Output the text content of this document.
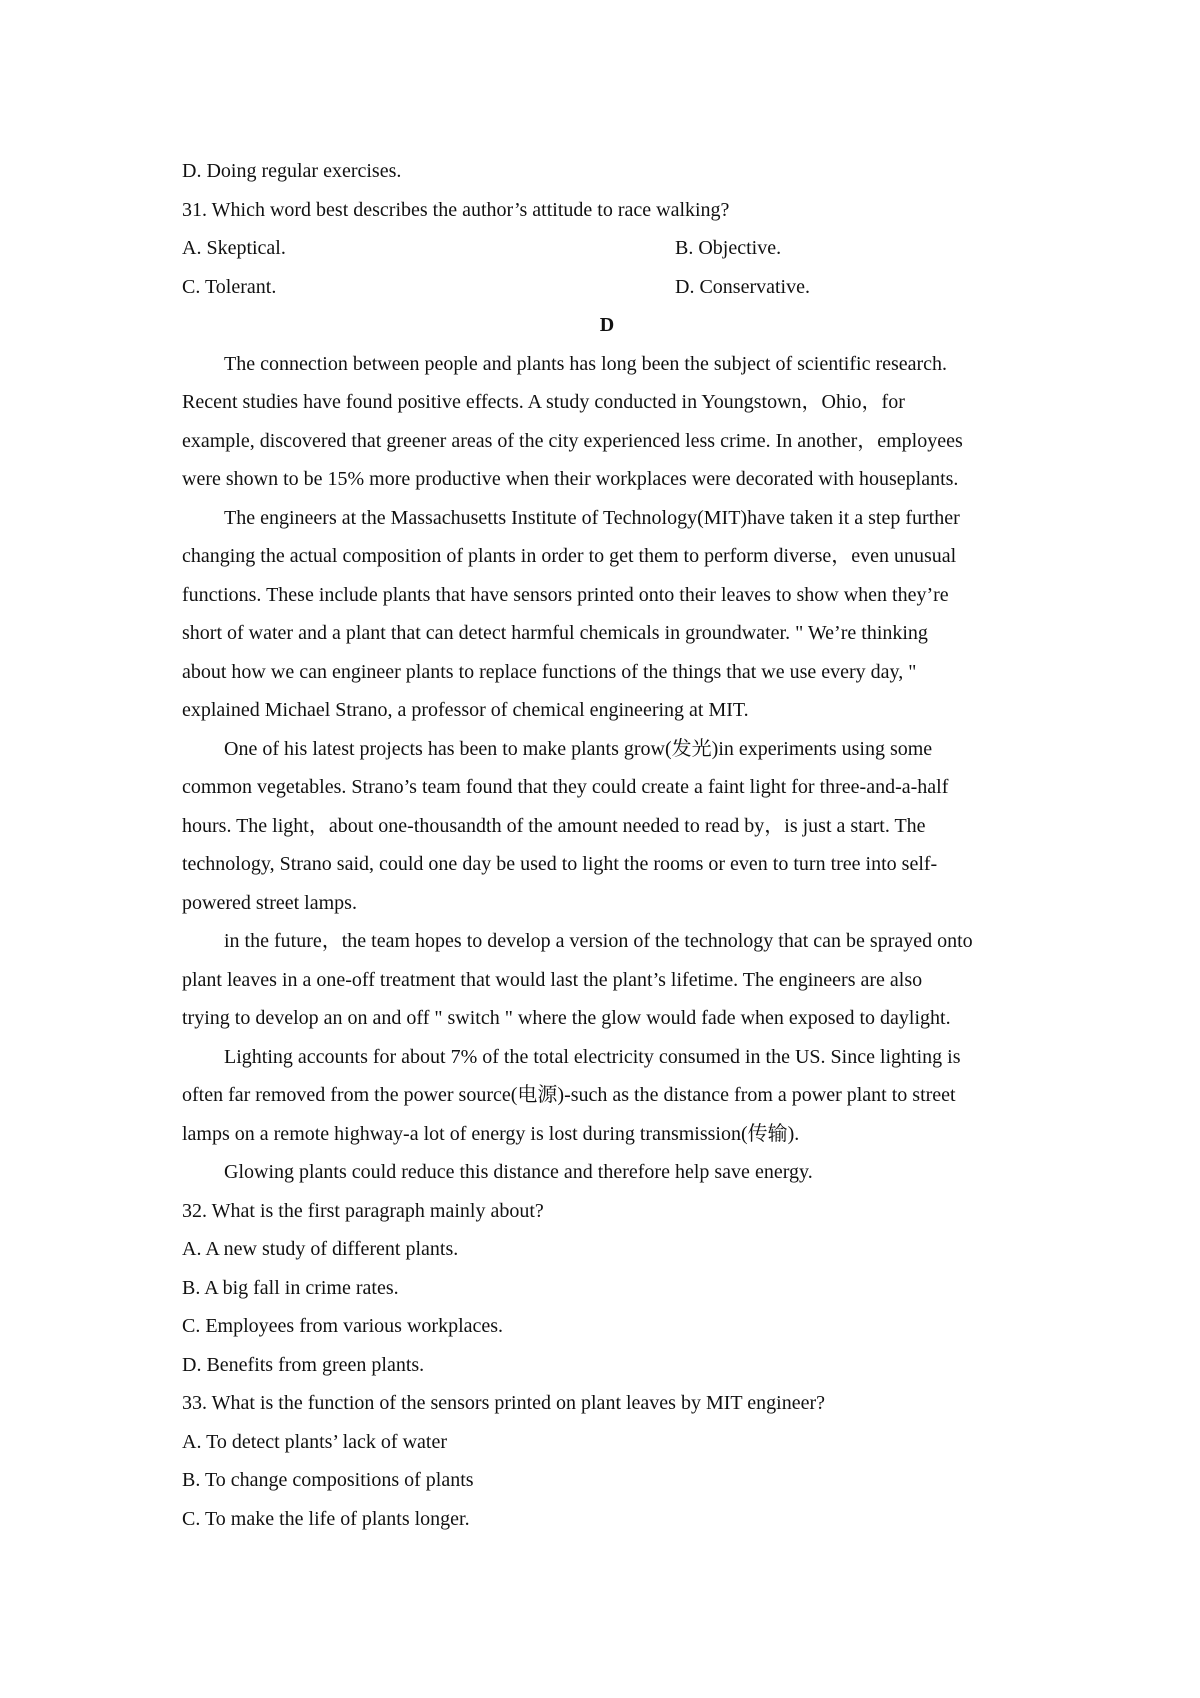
D. Doing regular exercises.
31. Which word best describes the author’s attitude to race walking?
A. Skeptical.	B. Objective.
C. Tolerant.	D. Conservative.
D
The connection between people and plants has long been the subject of scientific research.
Recent studies have found positive effects. A study conducted in Youngstown，Ohio，for
example, discovered that greener areas of the city experienced less crime. In another，employees
were shown to be 15% more productive when their workplaces were decorated with houseplants.
The engineers at the Massachusetts Institute of Technology(MIT)have taken it a step further
changing the actual composition of plants in order to get them to perform diverse，even unusual
functions. These include plants that have sensors printed onto their leaves to show when they’re
short of water and a plant that can detect harmful chemicals in groundwater. " We’re thinking
about how we can engineer plants to replace functions of the things that we use every day, "
explained Michael Strano, a professor of chemical engineering at MIT.
One of his latest projects has been to make plants grow(发光)in experiments using some
common vegetables. Strano’s team found that they could create a faint light for three-and-a-half
hours. The light，about one-thousandth of the amount needed to read by，is just a start. The
technology, Strano said, could one day be used to light the rooms or even to turn tree into self-
powered street lamps.
in the future，the team hopes to develop a version of the technology that can be sprayed onto
plant leaves in a one-off treatment that would last the plant’s lifetime. The engineers are also
trying to develop an on and off " switch " where the glow would fade when exposed to daylight.
Lighting accounts for about 7% of the total electricity consumed in the US. Since lighting is
often far removed from the power source(电源)-such as the distance from a power plant to street
lamps on a remote highway-a lot of energy is lost during transmission(传输).
Glowing plants could reduce this distance and therefore help save energy.
32. What is the first paragraph mainly about?
A. A new study of different plants.
B. A big fall in crime rates.
C. Employees from various workplaces.
D. Benefits from green plants.
33. What is the function of the sensors printed on plant leaves by MIT engineer?
A. To detect plants’ lack of water
B. To change compositions of plants
C. To make the life of plants longer.
